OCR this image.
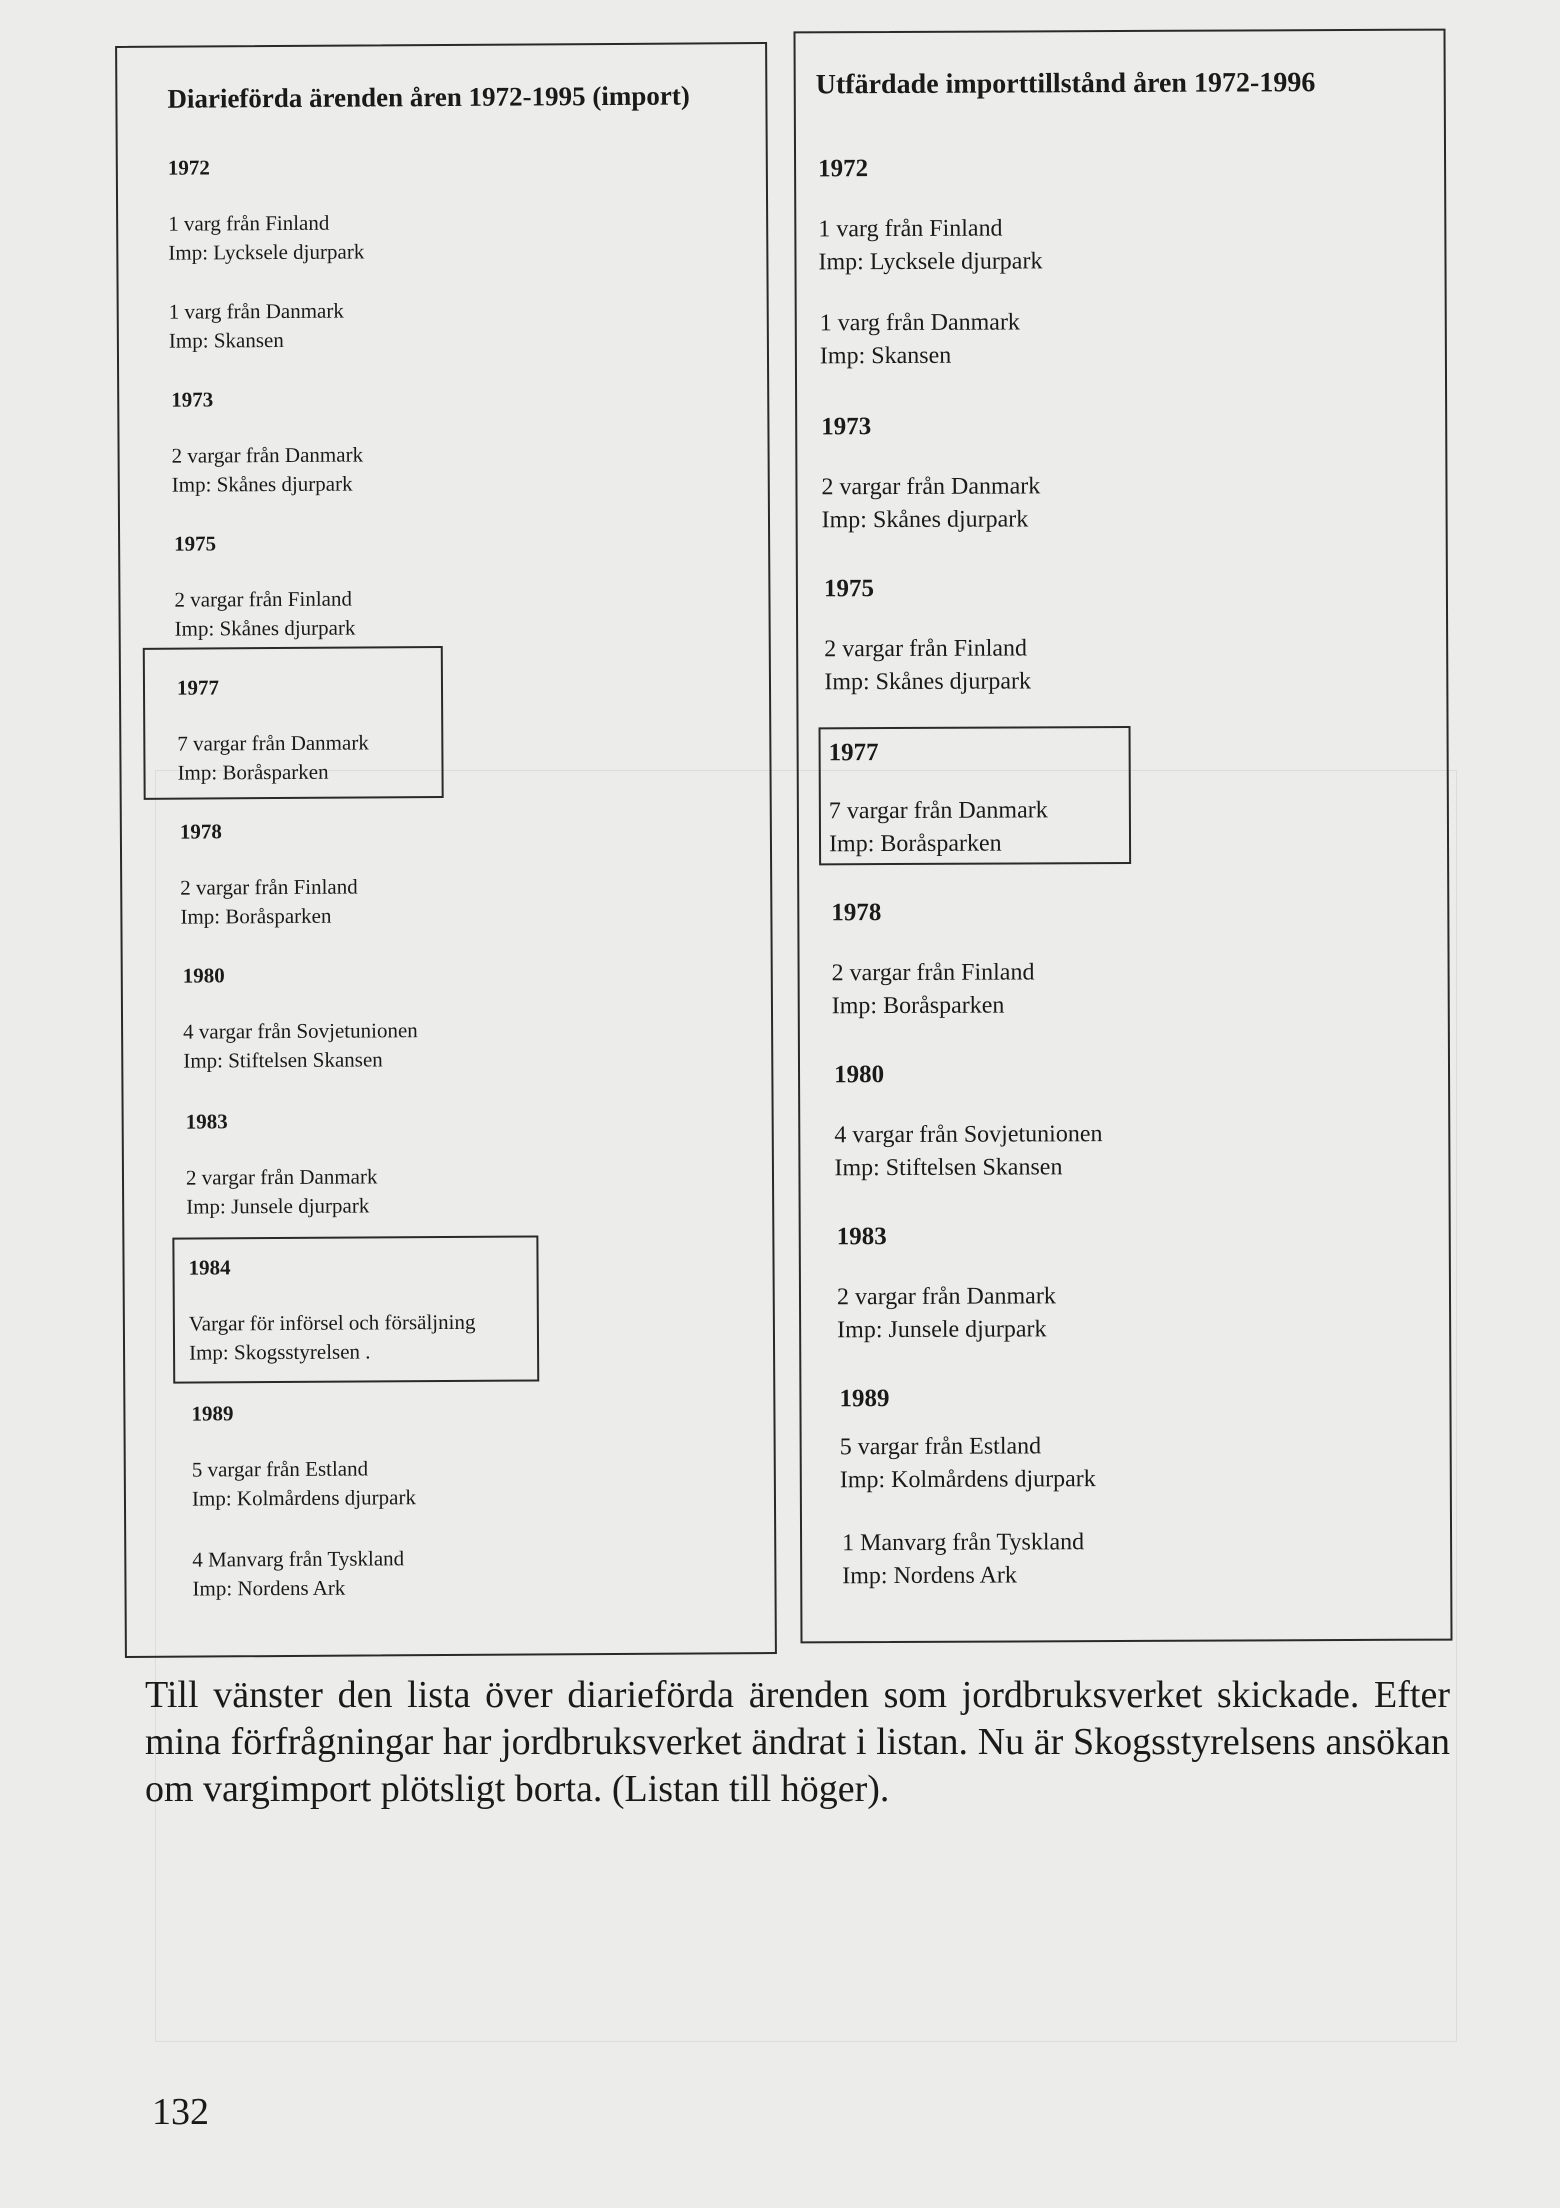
Diarieförda ärenden åren 1972-1995 (import)
1972
1 varg från Finland
Imp: Lycksele djurpark
1 varg från Danmark
Imp: Skansen
1973
2 vargar från Danmark
Imp: Skånes djurpark
1975
2 vargar från Finland
Imp: Skånes djurpark
1977
7 vargar från Danmark
Imp: Boråsparken
1978
2 vargar från Finland
Imp: Boråsparken
1980
4 vargar från Sovjetunionen
Imp: Stiftelsen Skansen
1983
2 vargar från Danmark
Imp: Junsele djurpark
1984
Vargar för införsel och försäljning
Imp: Skogsstyrelsen .
1989
5 vargar från Estland
Imp: Kolmårdens djurpark
4 Manvarg från Tyskland
Imp: Nordens Ark
Utfärdade importtillstånd åren 1972-1996
1972
1 varg från Finland
Imp: Lycksele djurpark
1 varg från Danmark
Imp: Skansen
1973
2 vargar från Danmark
Imp: Skånes djurpark
1975
2 vargar från Finland
Imp: Skånes djurpark
1977
7 vargar från Danmark
Imp: Boråsparken
1978
2 vargar från Finland
Imp: Boråsparken
1980
4 vargar från Sovjetunionen
Imp: Stiftelsen Skansen
1983
2 vargar från Danmark
Imp: Junsele djurpark
1989
5 vargar från Estland
Imp: Kolmårdens djurpark
1 Manvarg från Tyskland
Imp: Nordens Ark
Till vänster den lista över diarieförda ärenden som jordbruksverket skickade. Efter mina förfrågningar har jordbruksverket ändrat i listan. Nu är Skogsstyrelsens ansökan om vargimport plötsligt borta. (Listan till höger).
132
